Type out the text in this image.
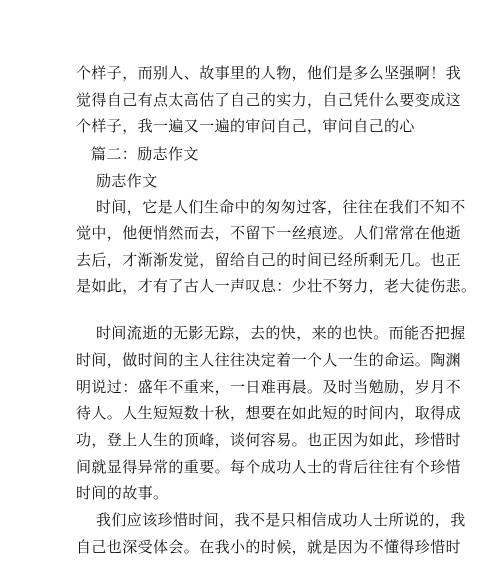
个样子，而别人、故事里的人物，他们是多么坚强啊！我
觉得自己有点太高估了自己的实力，自己凭什么要变成这
个样子，我一遍又一遍的审问自己，审问自己的心
篇二：励志作文
励志作文
时间，它是人们生命中的匆匆过客，往往在我们不知不
觉中，他便悄然而去，不留下一丝痕迹。人们常常在他逝
去后，才渐渐发觉，留给自己的时间已经所剩无几。也正
是如此，才有了古人一声叹息：少壮不努力，老大徒伤悲。
时间流逝的无影无踪，去的快，来的也快。而能否把握
时间，做时间的主人往往决定着一个人一生的命运。陶渊
明说过：盛年不重来，一日难再晨。及时当勉励，岁月不
待人。人生短短数十秋，想要在如此短的时间内，取得成
功，登上人生的顶峰，谈何容易。也正因为如此，珍惜时
间就显得异常的重要。每个成功人士的背后往往有个珍惜
时间的故事。
我们应该珍惜时间，我不是只相信成功人士所说的，我
自己也深受体会。在我小的时候，就是因为不懂得珍惜时
